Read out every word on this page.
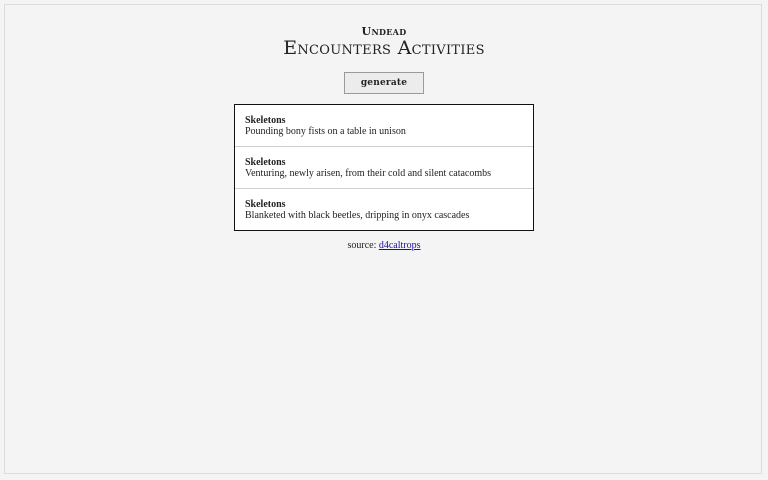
Undead
Encounters Activities
generate
Skeletons
Pounding bony fists on a table in unison
Skeletons
Venturing, newly arisen, from their cold and silent catacombs
Skeletons
Blanketed with black beetles, dripping in onyx cascades
source: d4caltrops
